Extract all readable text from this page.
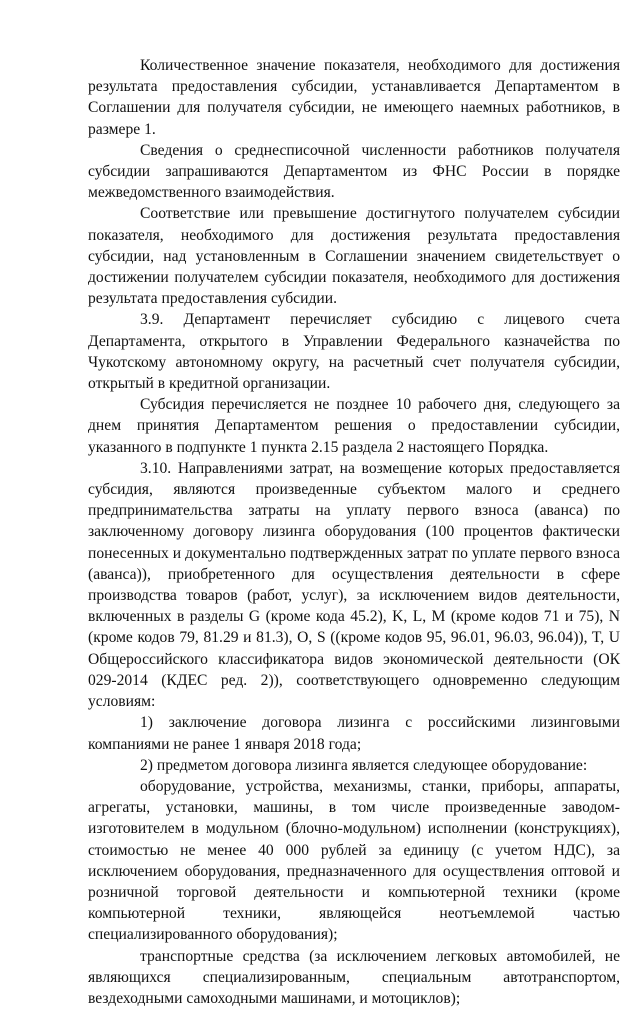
Количественное значение показателя, необходимого для достижения результата предоставления субсидии, устанавливается Департаментом в Соглашении для получателя субсидии, не имеющего наемных работников, в размере 1.

Сведения о среднесписочной численности работников получателя субсидии запрашиваются Департаментом из ФНС России в порядке межведомственного взаимодействия.

Соответствие или превышение достигнутого получателем субсидии показателя, необходимого для достижения результата предоставления субсидии, над установленным в Соглашении значением свидетельствует о достижении получателем субсидии показателя, необходимого для достижения результата предоставления субсидии.

3.9. Департамент перечисляет субсидию с лицевого счета Департамента, открытого в Управлении Федерального казначейства по Чукотскому автономному округу, на расчетный счет получателя субсидии, открытый в кредитной организации.

Субсидия перечисляется не позднее 10 рабочего дня, следующего за днем принятия Департаментом решения о предоставлении субсидии, указанного в подпункте 1 пункта 2.15 раздела 2 настоящего Порядка.

3.10. Направлениями затрат, на возмещение которых предоставляется субсидия, являются произведенные субъектом малого и среднего предпринимательства затраты на уплату первого взноса (аванса) по заключенному договору лизинга оборудования (100 процентов фактически понесенных и документально подтвержденных затрат по уплате первого взноса (аванса)), приобретенного для осуществления деятельности в сфере производства товаров (работ, услуг), за исключением видов деятельности, включенных в разделы G (кроме кода 45.2), K, L, M (кроме кодов 71 и 75), N (кроме кодов 79, 81.29 и 81.3), O, S ((кроме кодов 95, 96.01, 96.03, 96.04)), T, U Общероссийского классификатора видов экономической деятельности (ОК 029-2014 (КДЕС ред. 2)), соответствующего одновременно следующим условиям:

1) заключение договора лизинга с российскими лизинговыми компаниями не ранее 1 января 2018 года;

2) предметом договора лизинга является следующее оборудование:

оборудование, устройства, механизмы, станки, приборы, аппараты, агрегаты, установки, машины, в том числе произведенные заводом-изготовителем в модульном (блочно-модульном) исполнении (конструкциях), стоимостью не менее 40 000 рублей за единицу (с учетом НДС), за исключением оборудования, предназначенного для осуществления оптовой и розничной торговой деятельности и компьютерной техники (кроме компьютерной техники, являющейся неотъемлемой частью специализированного оборудования);

транспортные средства (за исключением легковых автомобилей, не являющихся специализированным, специальным автотранспортом, вездеходными самоходными машинами, и мотоциклов);
